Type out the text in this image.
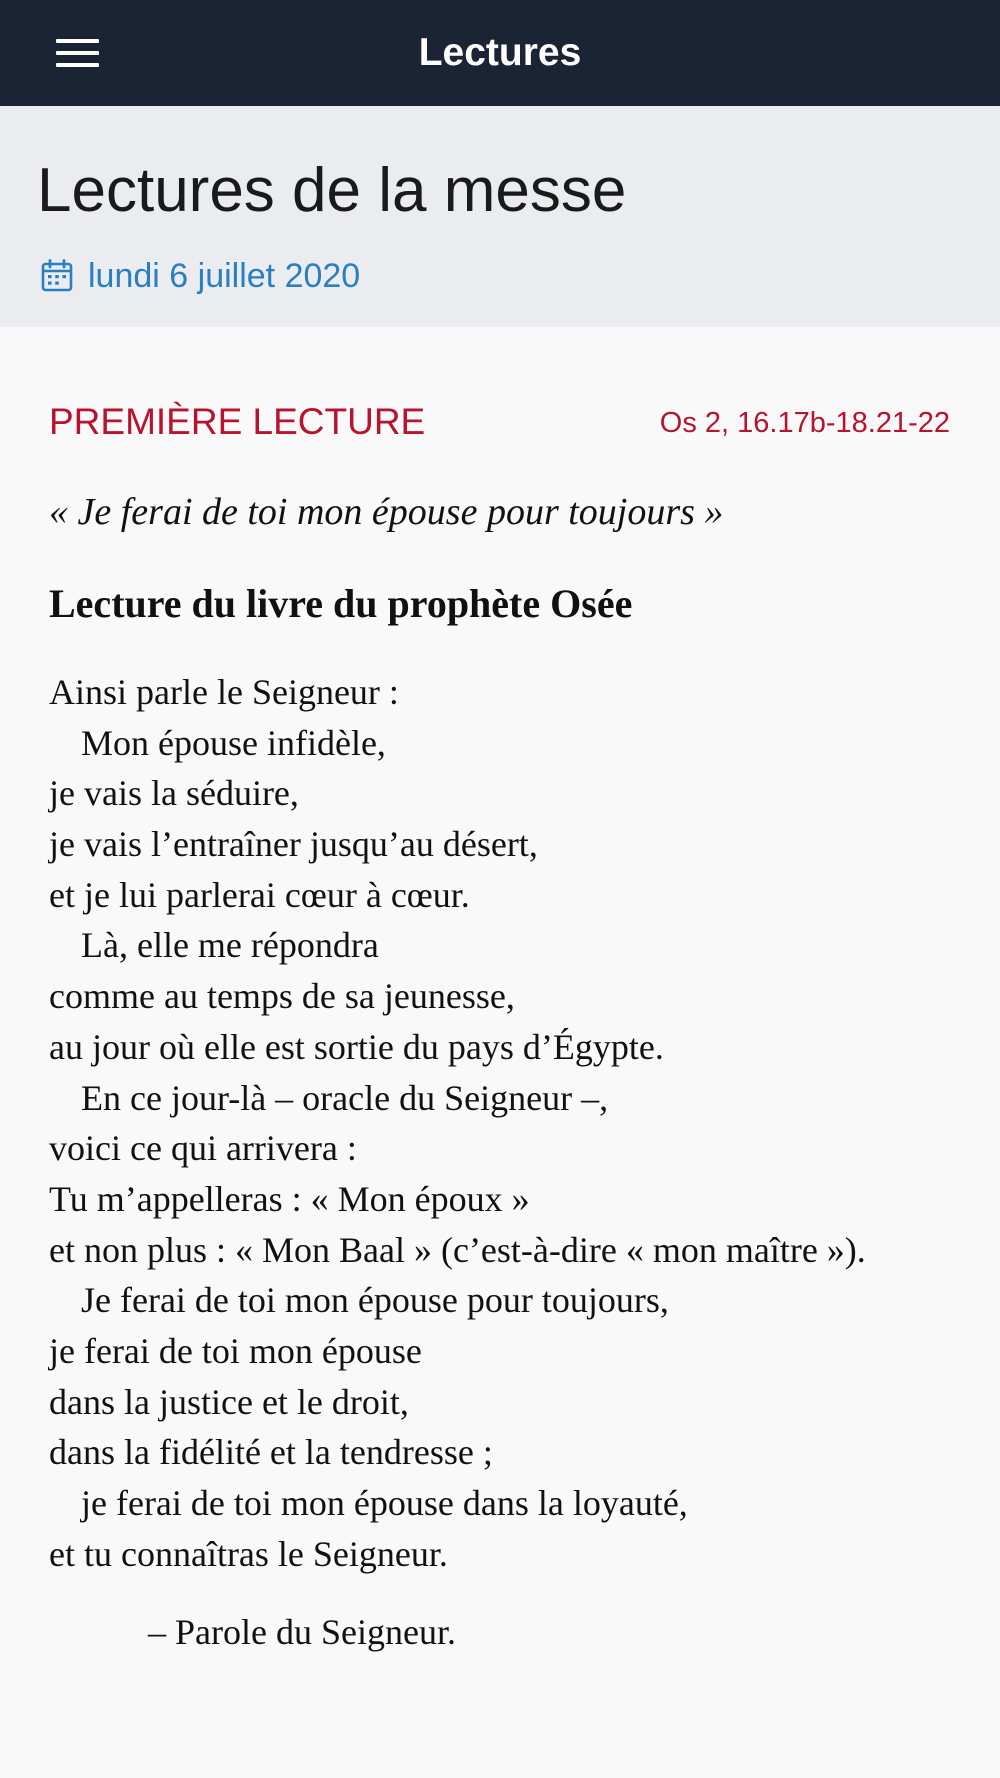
Lectures
Lectures de la messe
lundi 6 juillet 2020
PREMIÈRE LECTURE	Os 2, 16.17b-18.21-22
« Je ferai de toi mon épouse pour toujours »
Lecture du livre du prophète Osée
Ainsi parle le Seigneur :
Mon épouse infidèle,
je vais la séduire,
je vais l’entraîner jusqu’au désert,
et je lui parlerai cœur à cœur.
Là, elle me répondra
comme au temps de sa jeunesse,
au jour où elle est sortie du pays d’Égypte.
En ce jour-là – oracle du Seigneur –,
voici ce qui arrivera :
Tu m’appelleras : « Mon époux »
et non plus : « Mon Baal » (c’est-à-dire « mon maître »).
Je ferai de toi mon épouse pour toujours,
je ferai de toi mon épouse
dans la justice et le droit,
dans la fidélité et la tendresse ;
je ferai de toi mon épouse dans la loyauté,
et tu connaîtras le Seigneur.
– Parole du Seigneur.
